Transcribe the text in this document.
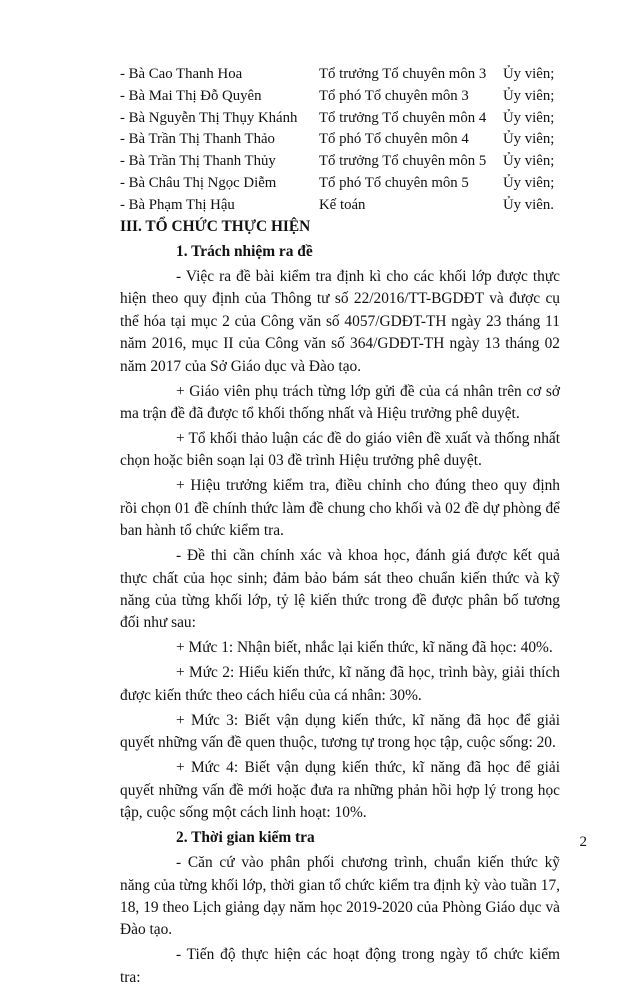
- Bà Cao Thanh Hoa	Tổ trưởng Tổ chuyên môn 3 Ủy viên;
- Bà Mai Thị Đỗ Quyên	Tổ phó Tổ chuyên môn 3 Ủy viên;
- Bà Nguyễn Thị Thụy Khánh Tổ trưởng Tổ chuyên môn 4 Ủy viên;
- Bà Trần Thị Thanh Thảo	Tổ phó Tổ chuyên môn 4 Ủy viên;
- Bà Trần Thị Thanh Thủy	Tổ trưởng Tổ chuyên môn 5 Ủy viên;
- Bà Châu Thị Ngọc Diễm	Tổ phó Tổ chuyên môn 5 Ủy viên;
- Bà Phạm Thị Hậu	Kế toán	Ủy viên.

III. TỔ CHỨC THỰC HIỆN

1. Trách nhiệm ra đề

- Việc ra đề bài kiểm tra định kì cho các khối lớp được thực hiện theo quy định của Thông tư số 22/2016/TT-BGDĐT và được cụ thể hóa tại mục 2 của Công văn số 4057/GDĐT-TH ngày 23 tháng 11 năm 2016, mục II của Công văn số 364/GDĐT-TH ngày 13 tháng 02 năm 2017 của Sở Giáo dục và Đào tạo.

+ Giáo viên phụ trách từng lớp gửi đề của cá nhân trên cơ sở ma trận đề đã được tổ khối thống nhất và Hiệu trưởng phê duyệt.

+ Tổ khối thảo luận các đề do giáo viên đề xuất và thống nhất chọn hoặc biên soạn lại 03 đề trình Hiệu trưởng phê duyệt.

+ Hiệu trưởng kiểm tra, điều chỉnh cho đúng theo quy định rồi chọn 01 đề chính thức làm đề chung cho khối và 02 đề dự phòng để ban hành tổ chức kiểm tra.

- Đề thi cần chính xác và khoa học, đánh giá được kết quả thực chất của học sinh; đảm bảo bám sát theo chuẩn kiến thức và kỹ năng của từng khối lớp, tỷ lệ kiến thức trong đề được phân bố tương đối như sau:

+ Mức 1: Nhận biết, nhắc lại kiến thức, kĩ năng đã học: 40%.

+ Mức 2: Hiểu kiến thức, kĩ năng đã học, trình bày, giải thích được kiến thức theo cách hiểu của cá nhân: 30%.

+ Mức 3: Biết vận dụng kiến thức, kĩ năng đã học để giải quyết những vấn đề quen thuộc, tương tự trong học tập, cuộc sống: 20.

+ Mức 4: Biết vận dụng kiến thức, kĩ năng đã học để giải quyết những vấn đề mới hoặc đưa ra những phản hồi hợp lý trong học tập, cuộc sống một cách linh hoạt: 10%.

2. Thời gian kiểm tra

- Căn cứ vào phân phối chương trình, chuẩn kiến thức kỹ năng của từng khối lớp, thời gian tổ chức kiểm tra định kỳ vào tuần 17, 18, 19 theo Lịch giảng dạy năm học 2019-2020 của Phòng Giáo dục và Đào tạo.

- Tiến độ thực hiện các hoạt động trong ngày tổ chức kiểm tra:

2
